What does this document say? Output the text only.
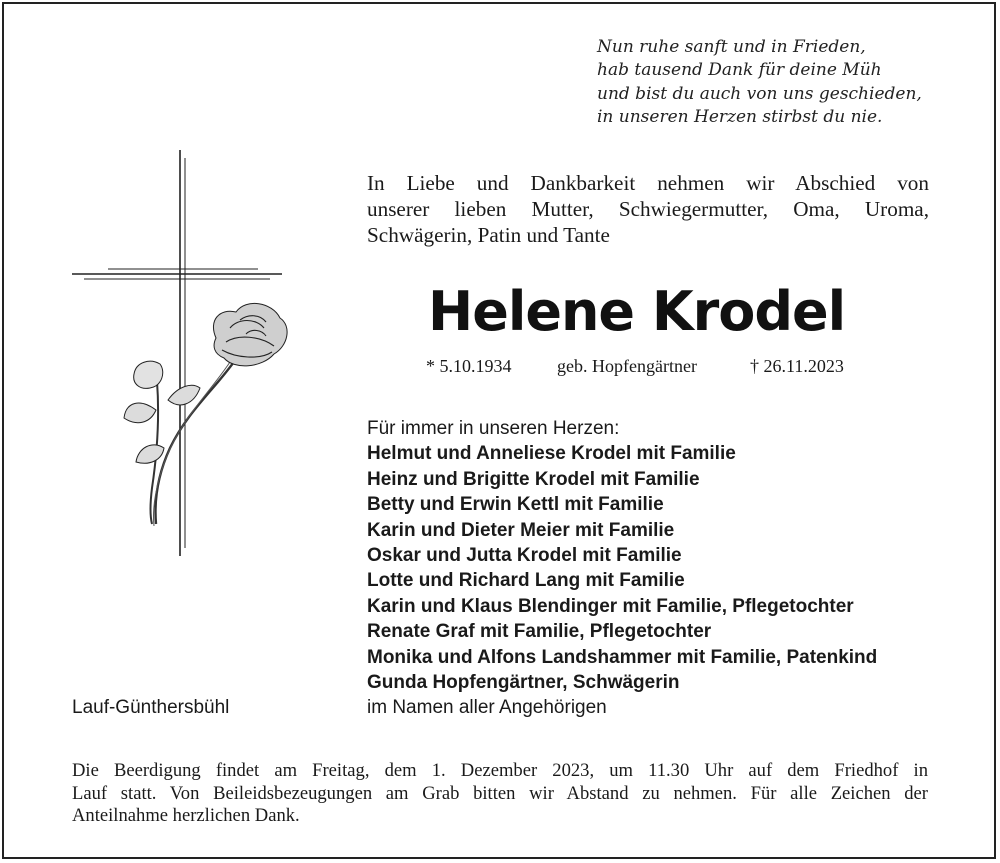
Nun ruhe sanft und in Frieden,
hab tausend Dank für deine Müh
und bist du auch von uns geschieden,
in unseren Herzen stirbst du nie.
In Liebe und Dankbarkeit nehmen wir Abschied von
unserer lieben Mutter, Schwiegermutter, Oma, Uroma,
Schwägerin, Patin und Tante
Helene Krodel
* 5.10.1934	geb. Hopfengärtner	† 26.11.2023
Für immer in unseren Herzen:
Helmut und Anneliese Krodel mit Familie
Heinz und Brigitte Krodel mit Familie
Betty und Erwin Kettl mit Familie
Karin und Dieter Meier mit Familie
Oskar und Jutta Krodel mit Familie
Lotte und Richard Lang mit Familie
Karin und Klaus Blendinger mit Familie, Pflegetochter
Renate Graf mit Familie, Pflegetochter
Monika und Alfons Landshammer mit Familie, Patenkind
Gunda Hopfengärtner, Schwägerin
im Namen aller Angehörigen
Lauf-Günthersbühl
Die Beerdigung findet am Freitag, dem 1. Dezember 2023, um 11.30 Uhr auf dem Friedhof in
Lauf statt. Von Beileidsbezeugungen am Grab bitten wir Abstand zu nehmen. Für alle Zeichen der
Anteilnahme herzlichen Dank.
